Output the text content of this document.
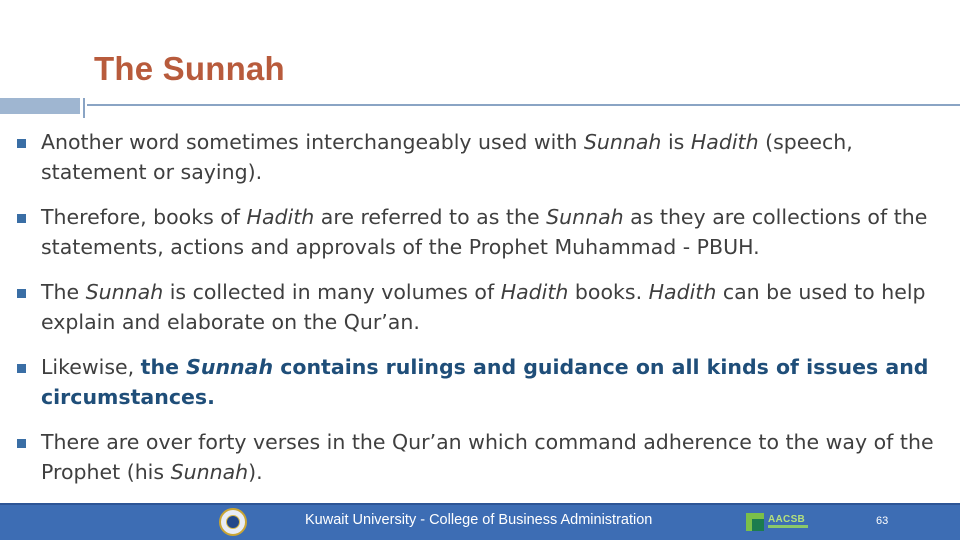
The Sunnah
Another word sometimes interchangeably used with Sunnah is Hadith (speech, statement or saying).
Therefore, books of Hadith are referred to as the Sunnah as they are collections of the statements, actions and approvals of the Prophet Muhammad - PBUH.
The Sunnah is collected in many volumes of Hadith books. Hadith can be used to help explain and elaborate on the Qur’an.
Likewise, the Sunnah contains rulings and guidance on all kinds of issues and circumstances.
There are over forty verses in the Qur’an which command adherence to the way of the Prophet (his Sunnah).
Kuwait University - College of Business Administration	AACSB	63
